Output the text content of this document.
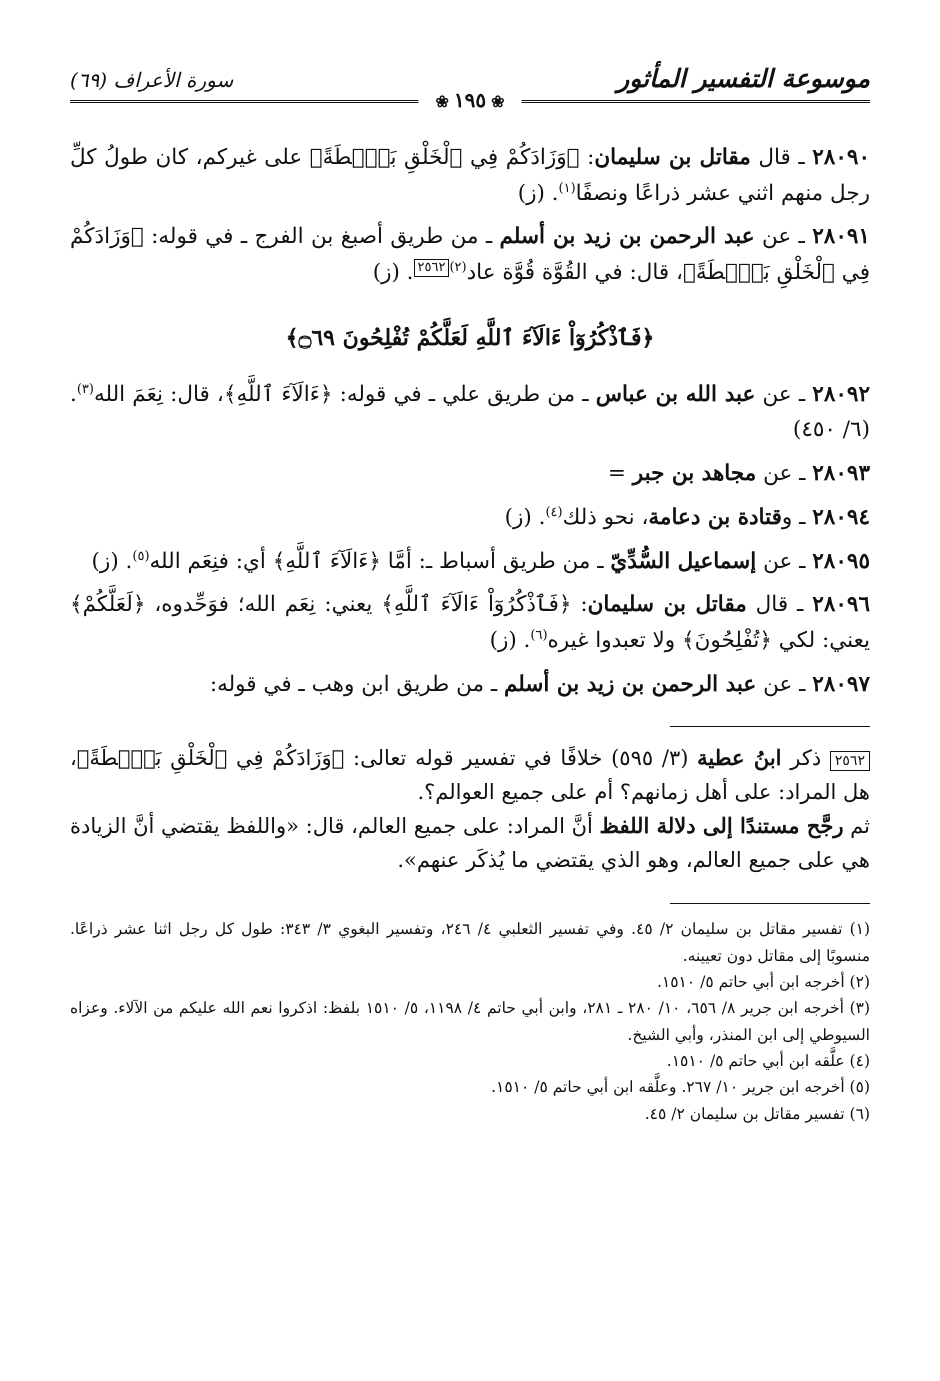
موسوعة التفسير المأثور
سورة الأعراف (٦٩)
❀١٩٥❀

٢٨٠٩٠ ـ قال مقاتل بن سليمان: ﴿وَزَادَكُمْ فِي ٱلْخَلْقِ بَصْۜطَةً﴾ على غيركم، كان طولُ كلِّ رجل منهم اثني عشر ذراعًا ونصفًا$^{(١)}$. (ز)

٢٨٠٩١ ـ عن عبد الرحمن بن زيد بن أسلم ـ من طريق أصبغ بن الفرج ـ في قوله: ﴿وَزَادَكُمْ فِي ٱلْخَلْقِ بَصْۜطَةً﴾، قال: في القُوَّة قُوَّة عاد$^{(٢)}$٢٥٦٢. (ز)

﴿فَٱذْكُرُوٓاْ ءَالَآءَ ٱللَّهِ لَعَلَّكُمْ تُفْلِحُونَ ۝٦٩﴾

٢٨٠٩٢ ـ عن عبد الله بن عباس ـ من طريق علي ـ في قوله: ﴿ءَالَآءَ ٱللَّهِ﴾، قال: نِعَمَ الله$^{(٣)}$. (٦/ ٤٥٠)

٢٨٠٩٣ ـ عن مجاهد بن جبر =

٢٨٠٩٤ ـ وقتادة بن دعامة، نحو ذلك$^{(٤)}$. (ز)

٢٨٠٩٥ ـ عن إسماعيل السُّدِّيّ ـ من طريق أسباط ـ: أمَّا ﴿ءَالَآءَ ٱللَّهِ﴾ أي: فنِعَم الله$^{(٥)}$. (ز)

٢٨٠٩٦ ـ قال مقاتل بن سليمان: ﴿فَٱذْكُرُوٓاْ ءَالَآءَ ٱللَّهِ﴾ يعني: نِعَم الله؛ فوَحِّدوه، ﴿لَعَلَّكُمْ﴾ يعني: لكي ﴿تُفْلِحُونَ﴾ ولا تعبدوا غيره$^{(٦)}$. (ز)

٢٨٠٩٧ ـ عن عبد الرحمن بن زيد بن أسلم ـ من طريق ابن وهب ـ في قوله:

٢٥٦٢ ذكر ابنُ عطية (٣/ ٥٩٥) خلافًا في تفسير قوله تعالى: ﴿وَزَادَكُمْ فِي ٱلْخَلْقِ بَصْۜطَةً﴾، هل المراد: على أهل زمانهم؟ أم على جميع العوالم؟.

ثم رجَّح مستندًا إلى دلالة اللفظ أنَّ المراد: على جميع العالم، قال: «واللفظ يقتضي أنَّ الزيادة هي على جميع العالم، وهو الذي يقتضي ما يُذكَر عنهم».

(١) تفسير مقاتل بن سليمان ٢/ ٤٥. وفي تفسير الثعلبي ٤/ ٢٤٦، وتفسير البغوي ٣/ ٣٤٣: طول كل رجل اثنا عشر ذراعًا. منسوبًا إلى مقاتل دون تعيينه.

(٢) أخرجه ابن أبي حاتم ٥/ ١٥١٠.

(٣) أخرجه ابن جرير ٨/ ٦٥٦، ١٠/ ٢٨٠ ـ ٢٨١، وابن أبي حاتم ٤/ ١١٩٨، ٥/ ١٥١٠ بلفظ: اذكروا نعم الله عليكم من الآلاء. وعزاه السيوطي إلى ابن المنذر، وأبي الشيخ.

(٤) علَّقه ابن أبي حاتم ٥/ ١٥١٠.

(٥) أخرجه ابن جرير ١٠/ ٢٦٧. وعلَّقه ابن أبي حاتم ٥/ ١٥١٠.

(٦) تفسير مقاتل بن سليمان ٢/ ٤٥.
